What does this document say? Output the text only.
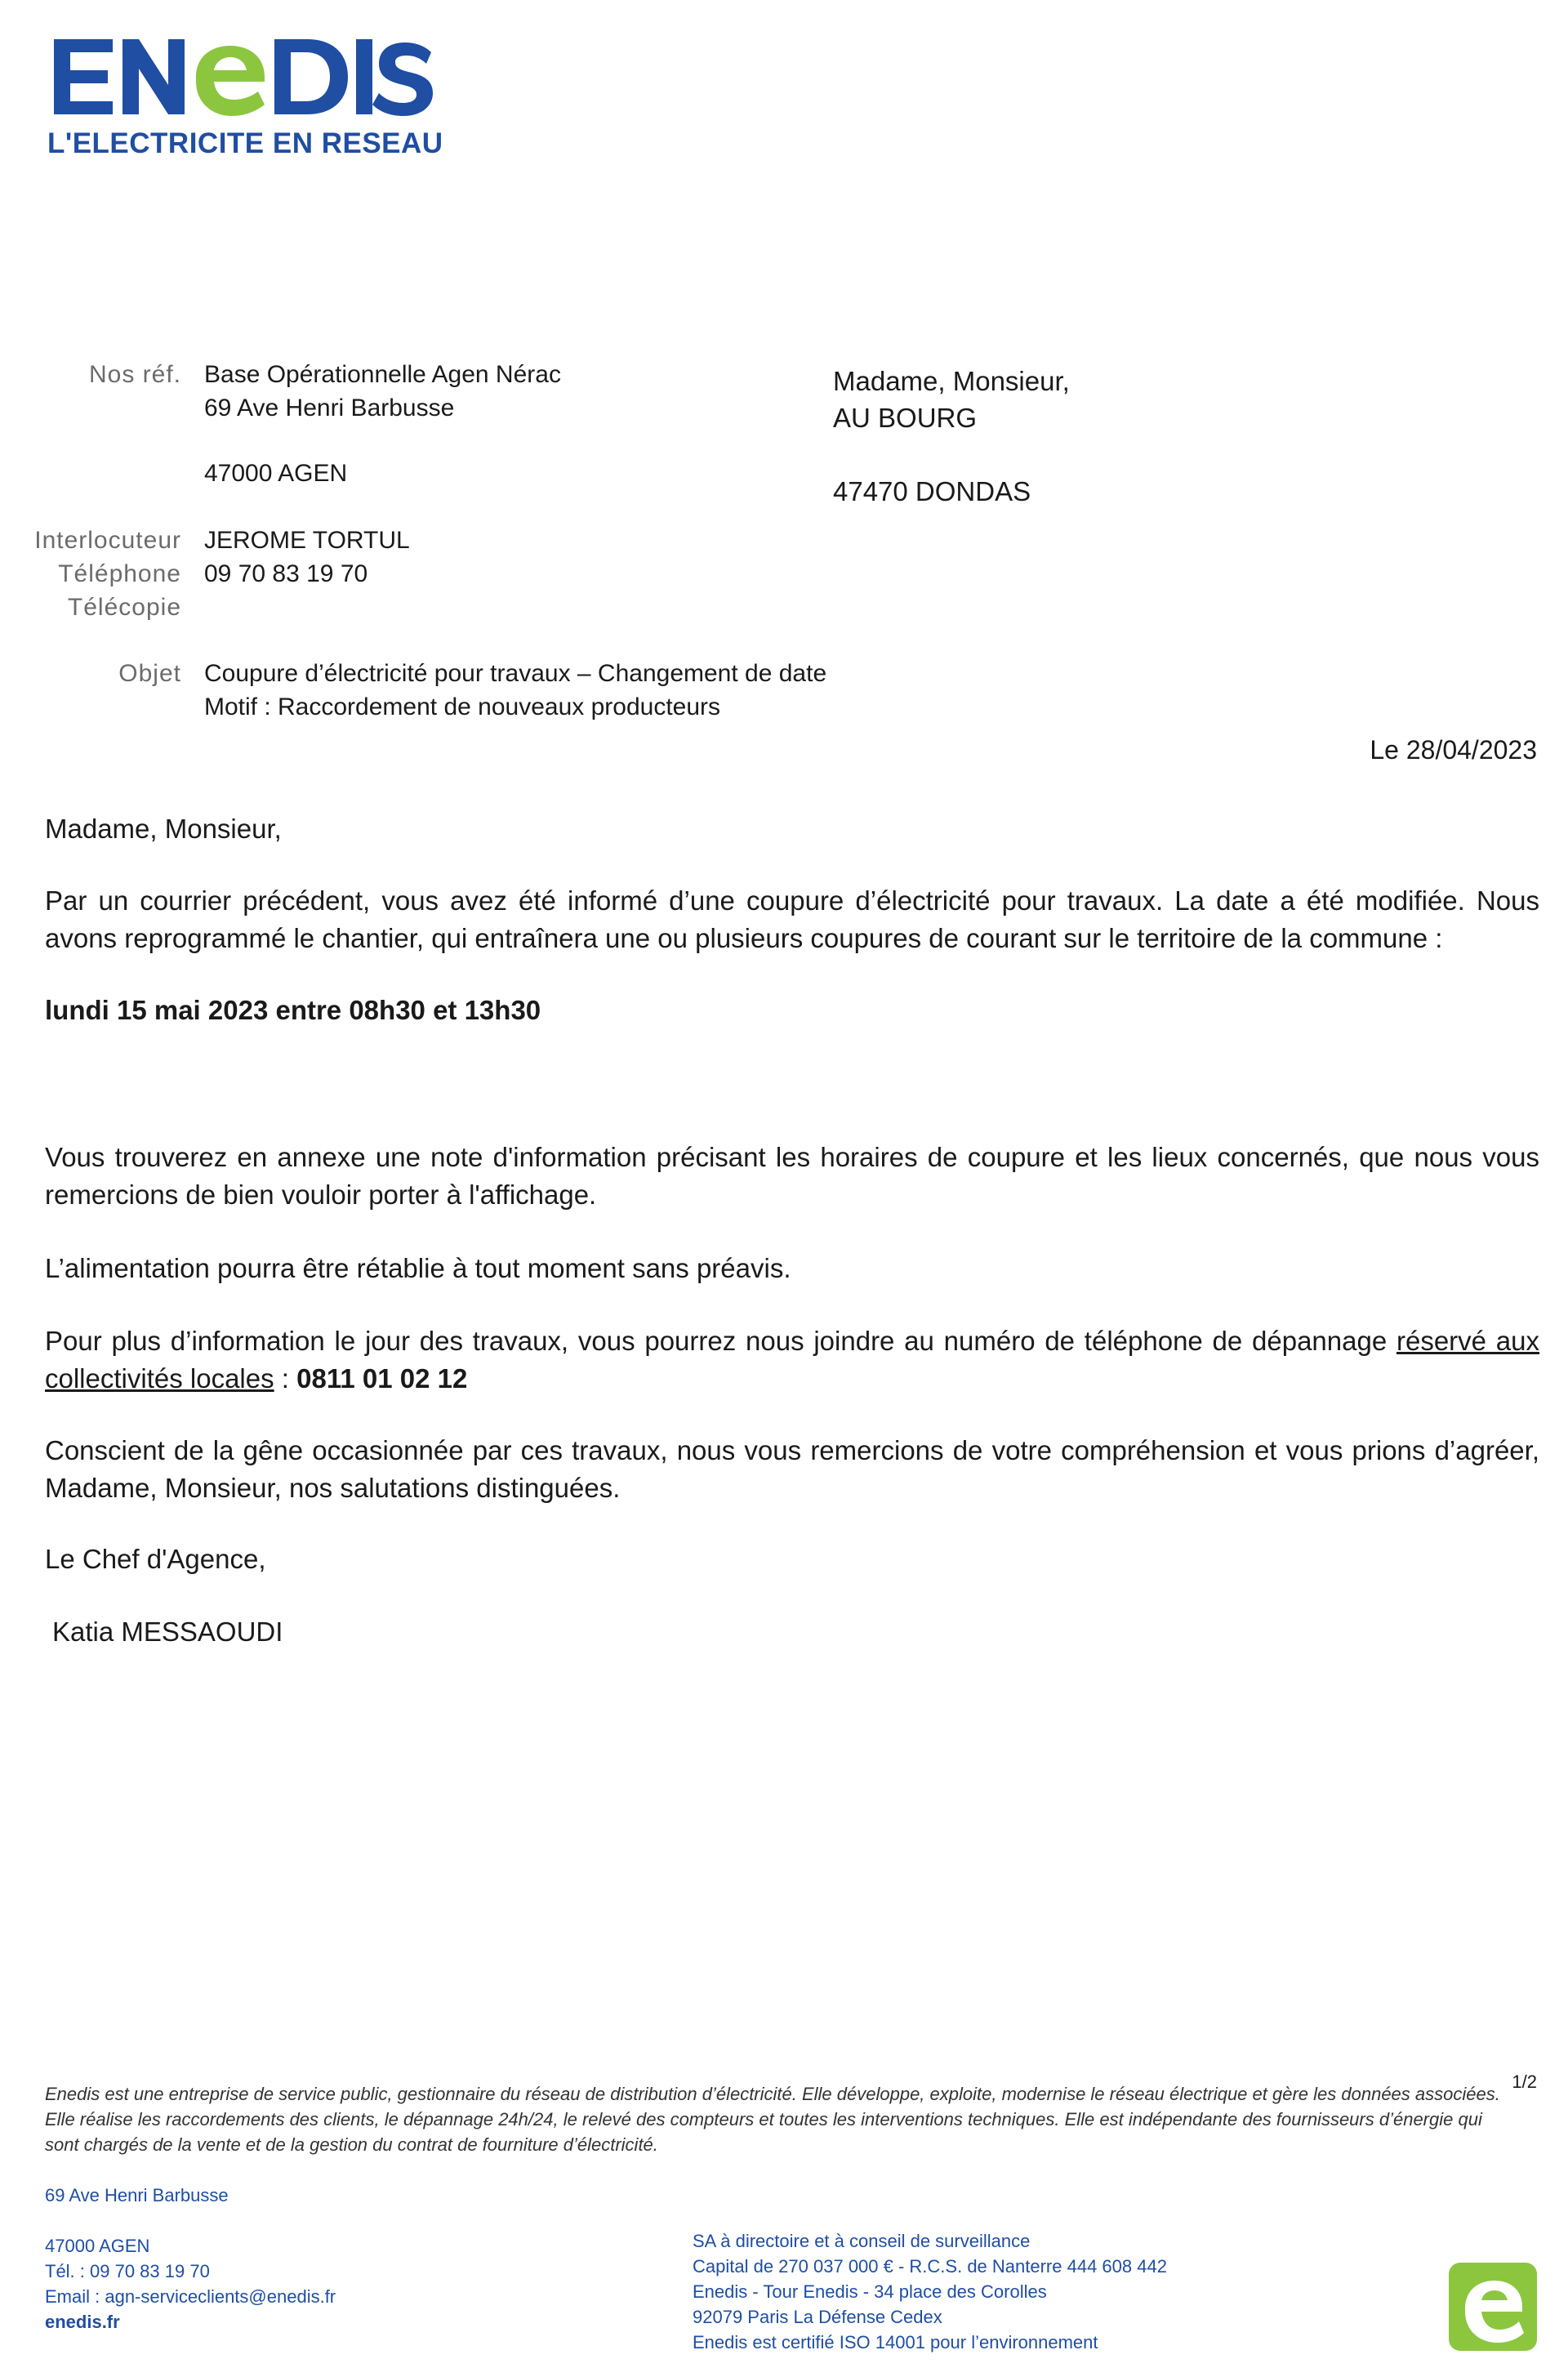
L'ELECTRICITE EN RESEAU
Nos réf. Base Opérationnelle Agen Nérac
69 Ave Henri Barbusse
47000 AGEN
Interlocuteur JEROME TORTUL
Téléphone 09 70 83 19 70
Télécopie
Objet Coupure d’électricité pour travaux – Changement de date
Motif : Raccordement de nouveaux producteurs
Madame, Monsieur,
AU BOURG
47470 DONDAS
Le 28/04/2023
Madame, Monsieur,
Par un courrier précédent, vous avez été informé d’une coupure d’électricité pour travaux. La date a été modifiée. Nous avons reprogrammé le chantier, qui entraînera une ou plusieurs coupures de courant sur le territoire de la commune :
lundi 15 mai 2023 entre 08h30 et 13h30
Vous trouverez en annexe une note d'information précisant les horaires de coupure et les lieux concernés, que nous vous remercions de bien vouloir porter à l'affichage.
L’alimentation pourra être rétablie à tout moment sans préavis.
Pour plus d’information le jour des travaux, vous pourrez nous joindre au numéro de téléphone de dépannage réservé aux collectivités locales : 0811 01 02 12
Conscient de la gêne occasionnée par ces travaux, nous vous remercions de votre compréhension et vous prions d’agréer, Madame, Monsieur, nos salutations distinguées.
Le Chef d'Agence,
Katia MESSAOUDI
1/2
Enedis est une entreprise de service public, gestionnaire du réseau de distribution d’électricité. Elle développe, exploite, modernise le réseau électrique et gère les données associées. Elle réalise les raccordements des clients, le dépannage 24h/24, le relevé des compteurs et toutes les interventions techniques. Elle est indépendante des fournisseurs d’énergie qui sont chargés de la vente et de la gestion du contrat de fourniture d’électricité.
69 Ave Henri Barbusse
47000 AGEN
Tél. : 09 70 83 19 70
Email : agn-serviceclients@enedis.fr
enedis.fr
SA à directoire et à conseil de surveillance
Capital de 270 037 000 € - R.C.S. de Nanterre 444 608 442
Enedis - Tour Enedis - 34 place des Corolles
92079 Paris La Défense Cedex
Enedis est certifié ISO 14001 pour l’environnement
